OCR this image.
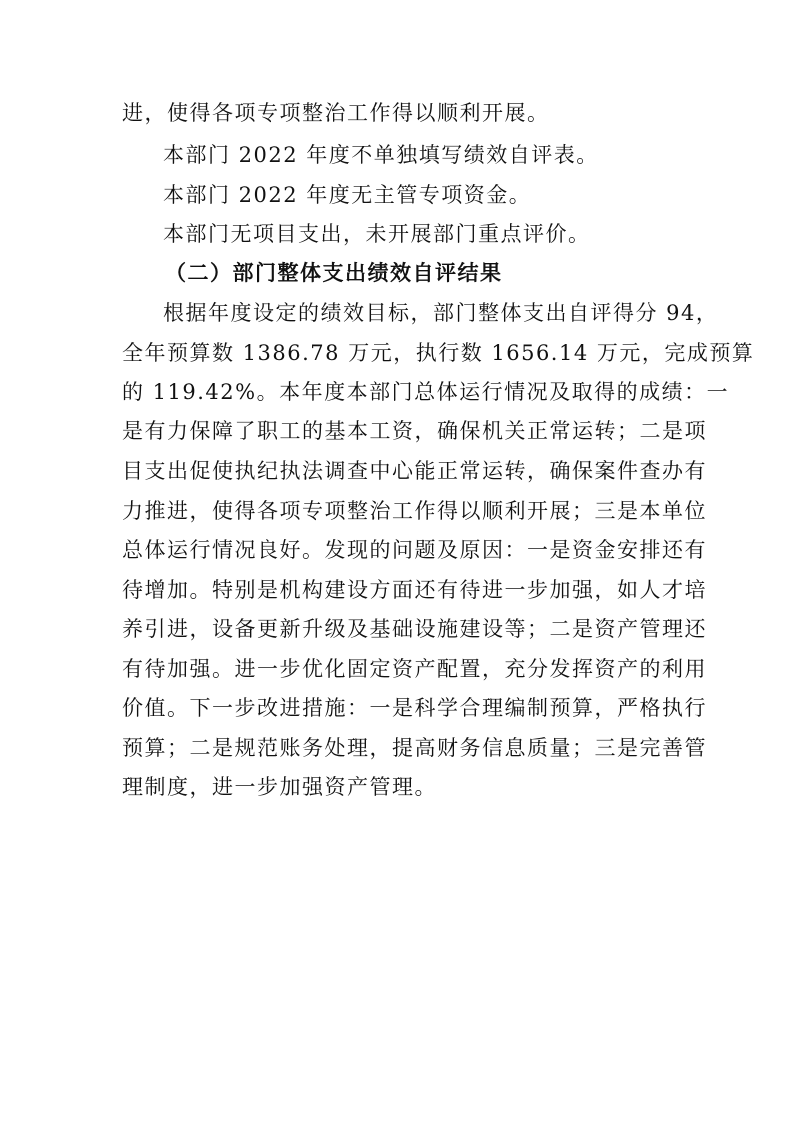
进，使得各项专项整治工作得以顺利开展。
本部门 2022 年度不单独填写绩效自评表。
本部门 2022 年度无主管专项资金。
本部门无项目支出，未开展部门重点评价。
（二）部门整体支出绩效自评结果
根据年度设定的绩效目标，部门整体支出自评得分 94，
全年预算数 1386.78 万元，执行数 1656.14 万元，完成预算
的 119.42%。本年度本部门总体运行情况及取得的成绩：一
是有力保障了职工的基本工资，确保机关正常运转；二是项
目支出促使执纪执法调查中心能正常运转，确保案件查办有
力推进，使得各项专项整治工作得以顺利开展；三是本单位
总体运行情况良好。发现的问题及原因：一是资金安排还有
待增加。特别是机构建设方面还有待进一步加强，如人才培
养引进，设备更新升级及基础设施建设等；二是资产管理还
有待加强。进一步优化固定资产配置，充分发挥资产的利用
价值。下一步改进措施：一是科学合理编制预算，严格执行
预算；二是规范账务处理，提高财务信息质量；三是完善管
理制度，进一步加强资产管理。
